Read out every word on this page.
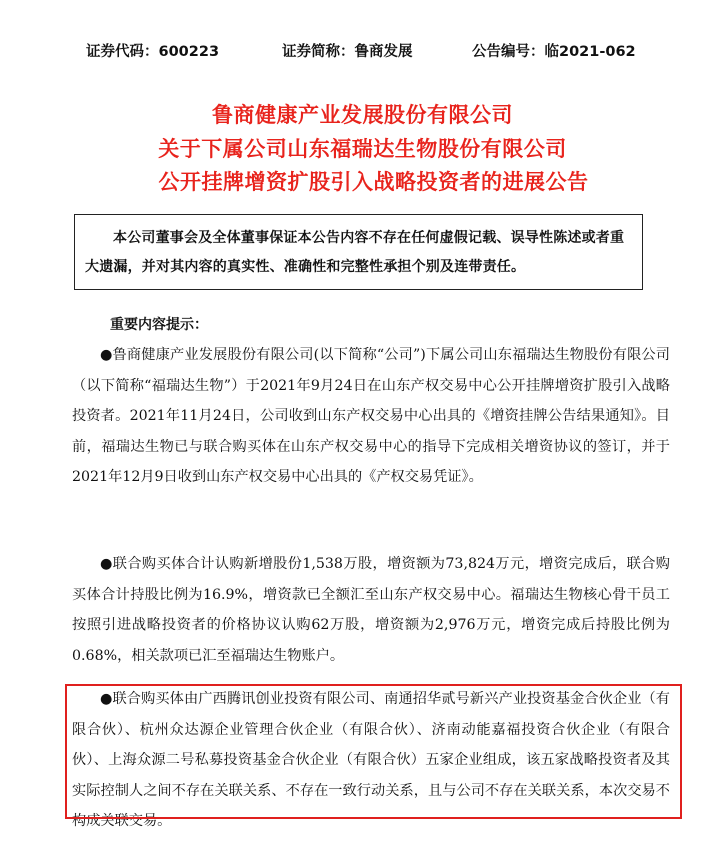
证券代码：600223	证券简称：鲁商发展	公告编号：临2021-062
鲁商健康产业发展股份有限公司
关于下属公司山东福瑞达生物股份有限公司
公开挂牌增资扩股引入战略投资者的进展公告
本公司董事会及全体董事保证本公告内容不存在任何虚假记载、误导性陈述或者重大遗漏，并对其内容的真实性、准确性和完整性承担个别及连带责任。
重要内容提示：
●鲁商健康产业发展股份有限公司(以下简称“公司”)下属公司山东福瑞达生物股份有限公司（以下简称“福瑞达生物”）于2021年9月24日在山东产权交易中心公开挂牌增资扩股引入战略投资者。2021年11月24日，公司收到山东产权交易中心出具的《增资挂牌公告结果通知》。目前，福瑞达生物已与联合购买体在山东产权交易中心的指导下完成相关增资协议的签订，并于2021年12月9日收到山东产权交易中心出具的《产权交易凭证》。
●联合购买体合计认购新增股份1,538万股，增资额为73,824万元，增资完成后，联合购买体合计持股比例为16.9%，增资款已全额汇至山东产权交易中心。福瑞达生物核心骨干员工按照引进战略投资者的价格协议认购62万股，增资额为2,976万元，增资完成后持股比例为0.68%，相关款项已汇至福瑞达生物账户。
●联合购买体由广西腾讯创业投资有限公司、南通招华贰号新兴产业投资基金合伙企业（有限合伙）、杭州众达源企业管理合伙企业（有限合伙）、济南动能嘉福投资合伙企业（有限合伙）、上海众源二号私募投资基金合伙企业（有限合伙）五家企业组成，该五家战略投资者及其实际控制人之间不存在关联关系、不存在一致行动关系，且与公司不存在关联关系，本次交易不构成关联交易。
